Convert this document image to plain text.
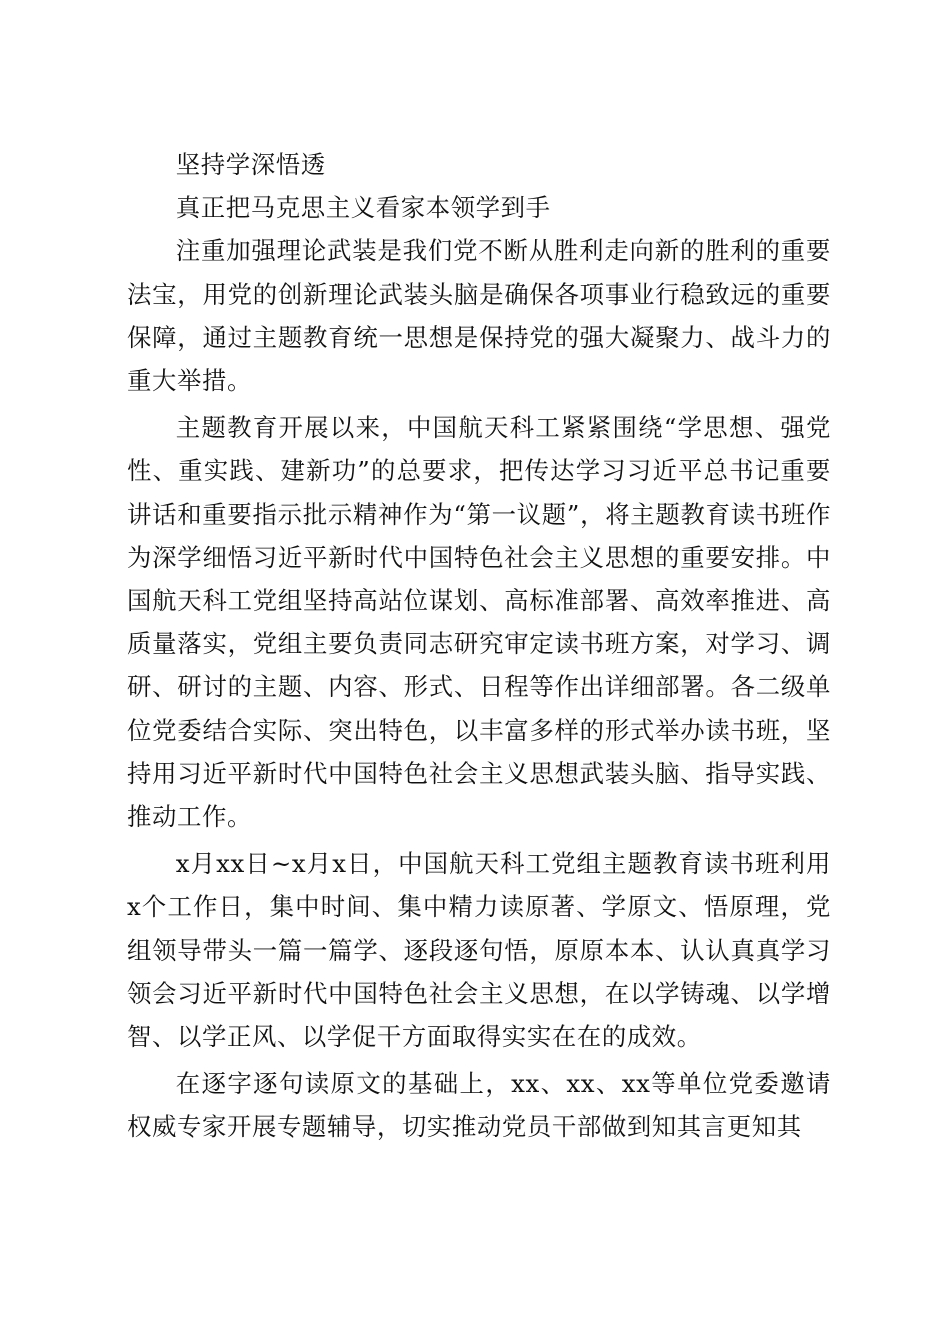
坚持学深悟透

真正把马克思主义看家本领学到手

注重加强理论武装是我们党不断从胜利走向新的胜利的重要法宝，用党的创新理论武装头脑是确保各项事业行稳致远的重要保障，通过主题教育统一思想是保持党的强大凝聚力、战斗力的重大举措。

主题教育开展以来，中国航天科工紧紧围绕“学思想、强党性、重实践、建新功”的总要求，把传达学习习近平总书记重要讲话和重要指示批示精神作为“第一议题”，将主题教育读书班作为深学细悟习近平新时代中国特色社会主义思想的重要安排。中国航天科工党组坚持高站位谋划、高标准部署、高效率推进、高质量落实，党组主要负责同志研究审定读书班方案，对学习、调研、研讨的主题、内容、形式、日程等作出详细部署。各二级单位党委结合实际、突出特色，以丰富多样的形式举办读书班，坚持用习近平新时代中国特色社会主义思想武装头脑、指导实践、推动工作。

x月xx日~x月x日，中国航天科工党组主题教育读书班利用x个工作日，集中时间、集中精力读原著、学原文、悟原理，党组领导带头一篇一篇学、逐段逐句悟，原原本本、认认真真学习领会习近平新时代中国特色社会主义思想，在以学铸魂、以学增智、以学正风、以学促干方面取得实实在在的成效。

在逐字逐句读原文的基础上，xx、xx、xx等单位党委邀请权威专家开展专题辅导，切实推动党员干部做到知其言更知其
